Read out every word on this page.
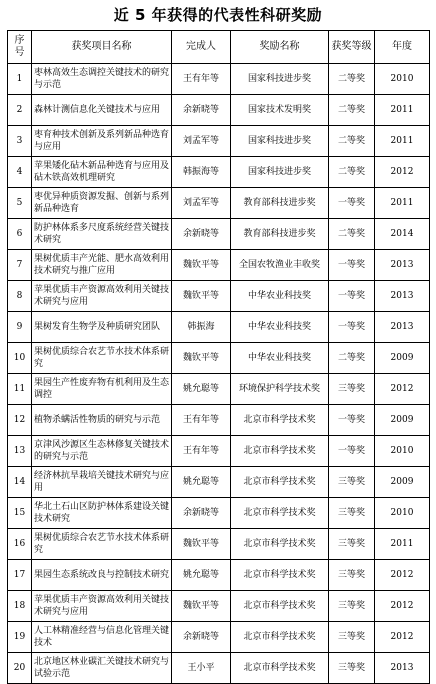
近 5 年获得的代表性科研奖励
序号	获奖项目名称	完成人	奖励名称	获奖等级	年度
1	枣林高效生态调控关键技术的研究与示范	王有年等	国家科技进步奖	二等奖	2010
2	森林计测信息化关键技术与应用	余新晓等	国家技术发明奖	二等奖	2011
3	枣育种技术创新及系列新品种选育与应用	刘孟军等	国家科技进步奖	二等奖	2011
4	苹果矮化砧木新品种选育与应用及砧木铁高效机理研究	韩振海等	国家科技进步奖	二等奖	2012
5	枣优异种质资源发掘、创新与系列新品种选育	刘孟军等	教育部科技进步奖	一等奖	2011
6	防护林体系多尺度系统经营关键技术研究	余新晓等	教育部科技进步奖	二等奖	2014
7	果树优质丰产光能、肥水高效利用技术研究与推广应用	魏钦平等	全国农牧渔业丰收奖	一等奖	2013
8	苹果优质丰产资源高效利用关键技术研究与应用	魏钦平等	中华农业科技奖	一等奖	2013
9	果树发育生物学及种质研究团队	韩振海	中华农业科技奖	一等奖	2013
10	果树优质综合农艺节水技术体系研究	魏钦平等	中华农业科技奖	二等奖	2009
11	果园生产性废弃物有机利用及生态调控	姚允聪等	环境保护科学技术奖	三等奖	2012
12	植物杀螨活性物质的研究与示范	王有年等	北京市科学技术奖	一等奖	2009
13	京津风沙源区生态林修复关键技术的研究与示范	王有年等	北京市科学技术奖	一等奖	2010
14	经济林抗旱栽培关键技术研究与应用	姚允聪等	北京市科学技术奖	三等奖	2009
15	华北土石山区防护林体系建设关键技术研究	余新晓等	北京市科学技术奖	三等奖	2010
16	果树优质综合农艺节水技术体系研究	魏钦平等	北京市科学技术奖	三等奖	2011
17	果园生态系统改良与控制技术研究	姚允聪等	北京市科学技术奖	三等奖	2012
18	苹果优质丰产资源高效利用关键技术研究与应用	魏钦平等	北京市科学技术奖	三等奖	2012
19	人工林精准经营与信息化管理关键技术	余新晓等	北京市科学技术奖	三等奖	2012
20	北京地区林业碳汇关键技术研究与试验示范	王小平	北京市科学技术奖	三等奖	2013
